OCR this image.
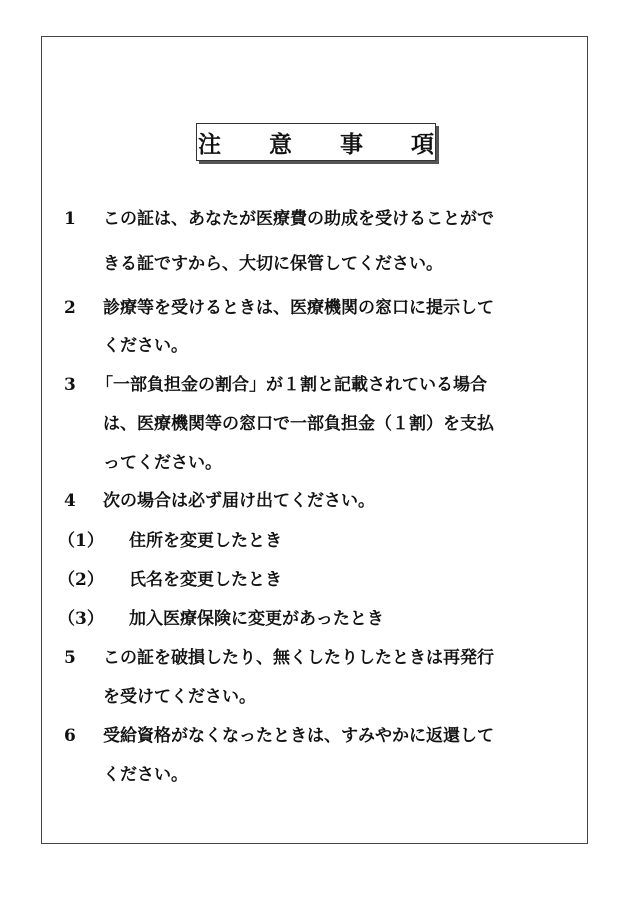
注 意 事 項
1 この証は、あなたが医療費の助成を受けることがで
きる証ですから、大切に保管してください。
2 診療等を受けるときは、医療機関の窓口に提示して
ください。
3 「一部負担金の割合」が１割と記載されている場合
は、医療機関等の窓口で一部負担金（１割）を支払
ってください。
4 次の場合は必ず届け出てください。
（1） 住所を変更したとき
（2） 氏名を変更したとき
（3） 加入医療保険に変更があったとき
5 この証を破損したり、無くしたりしたときは再発行
を受けてください。
6 受給資格がなくなったときは、すみやかに返還して
ください。
